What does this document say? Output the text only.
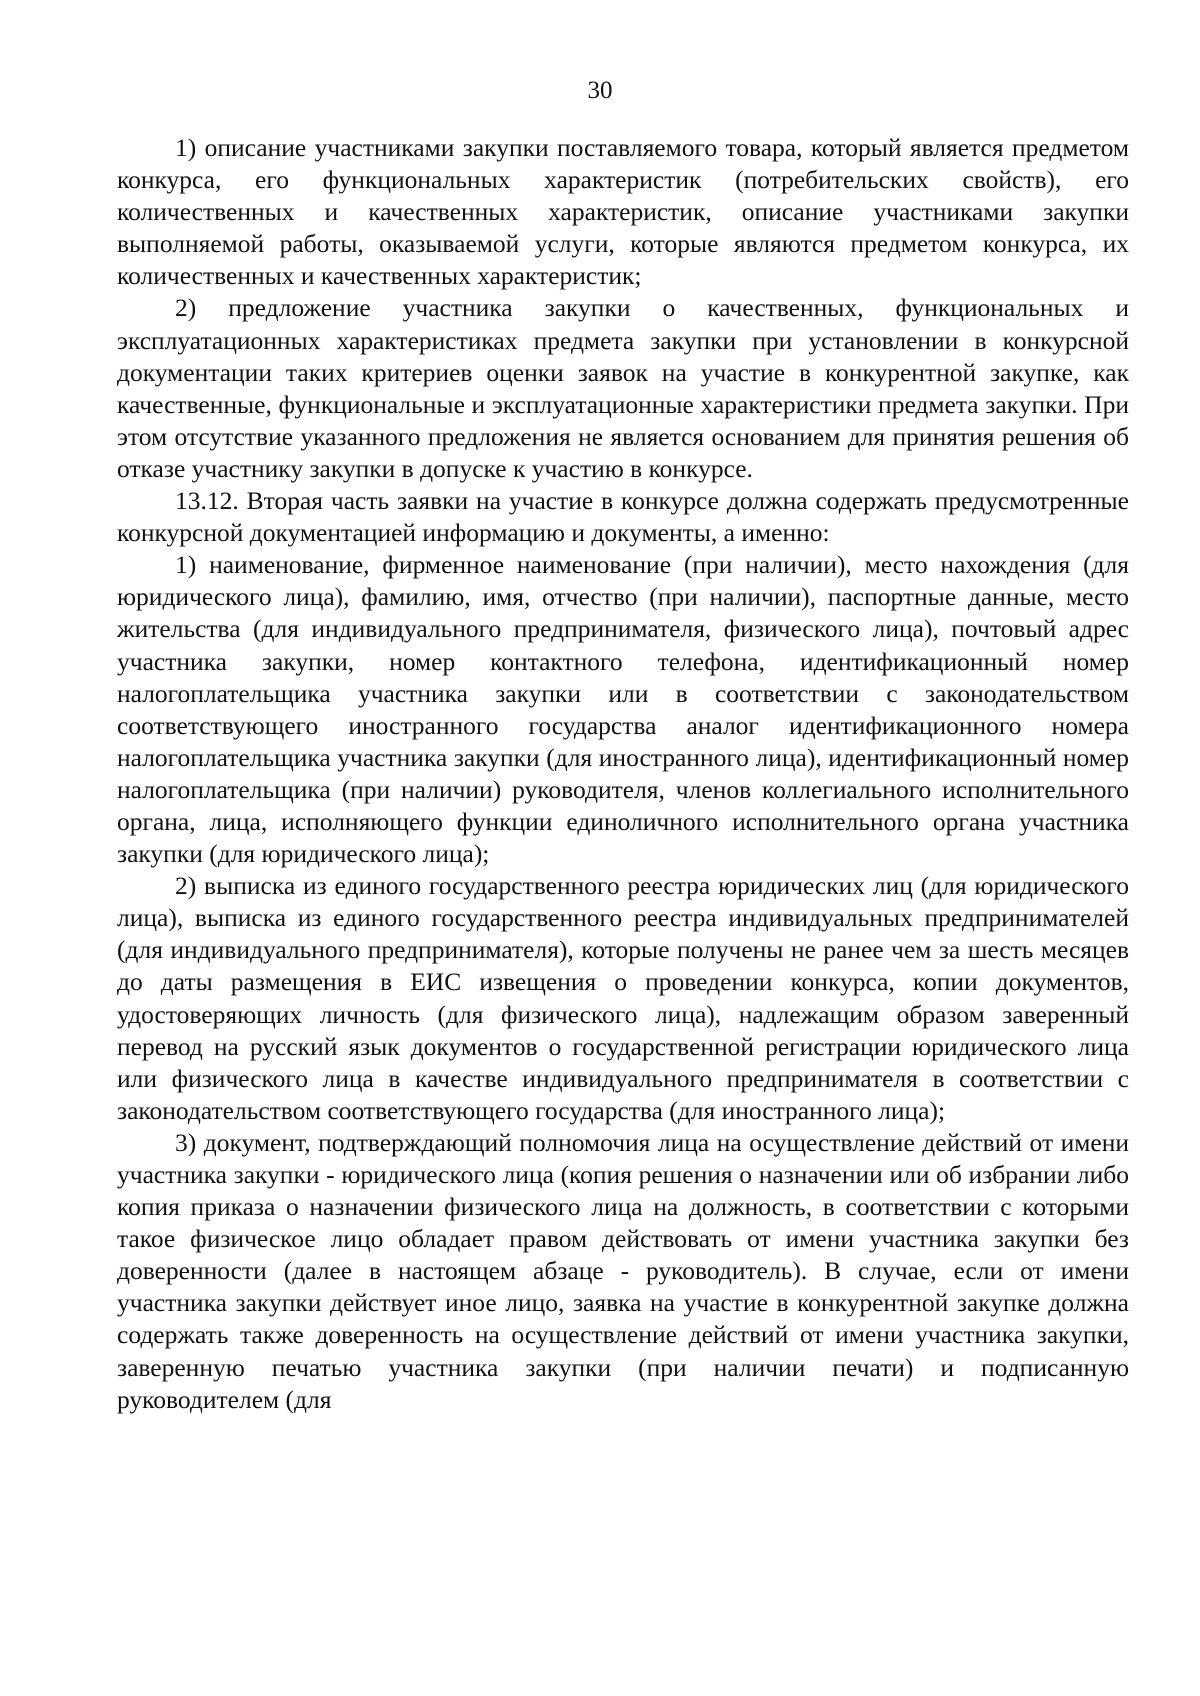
30

1) описание участниками закупки поставляемого товара, который является предметом конкурса, его функциональных характеристик (потребительских свойств), его количественных и качественных характеристик, описание участниками закупки выполняемой работы, оказываемой услуги, которые являются предметом конкурса, их количественных и качественных характеристик;

2) предложение участника закупки о качественных, функциональных и эксплуатационных характеристиках предмета закупки при установлении в конкурсной документации таких критериев оценки заявок на участие в конкурентной закупке, как качественные, функциональные и эксплуатационные характеристики предмета закупки. При этом отсутствие указанного предложения не является основанием для принятия решения об отказе участнику закупки в допуске к участию в конкурсе.

13.12. Вторая часть заявки на участие в конкурсе должна содержать предусмотренные конкурсной документацией информацию и документы, а именно:

1) наименование, фирменное наименование (при наличии), место нахождения (для юридического лица), фамилию, имя, отчество (при наличии), паспортные данные, место жительства (для индивидуального предпринимателя, физического лица), почтовый адрес участника закупки, номер контактного телефона, идентификационный номер налогоплательщика участника закупки или в соответствии с законодательством соответствующего иностранного государства аналог идентификационного номера налогоплательщика участника закупки (для иностранного лица), идентификационный номер налогоплательщика (при наличии) руководителя, членов коллегиального исполнительного органа, лица, исполняющего функции единоличного исполнительного органа участника закупки (для юридического лица);

2) выписка из единого государственного реестра юридических лиц (для юридического лица), выписка из единого государственного реестра индивидуальных предпринимателей (для индивидуального предпринимателя), которые получены не ранее чем за шесть месяцев до даты размещения в ЕИС извещения о проведении конкурса, копии документов, удостоверяющих личность (для физического лица), надлежащим образом заверенный перевод на русский язык документов о государственной регистрации юридического лица или физического лица в качестве индивидуального предпринимателя в соответствии с законодательством соответствующего государства (для иностранного лица);

3) документ, подтверждающий полномочия лица на осуществление действий от имени участника закупки - юридического лица (копия решения о назначении или об избрании либо копия приказа о назначении физического лица на должность, в соответствии с которыми такое физическое лицо обладает правом действовать от имени участника закупки без доверенности (далее в настоящем абзаце - руководитель). В случае, если от имени участника закупки действует иное лицо, заявка на участие в конкурентной закупке должна содержать также доверенность на осуществление действий от имени участника закупки, заверенную печатью участника закупки (при наличии печати) и подписанную руководителем (для
